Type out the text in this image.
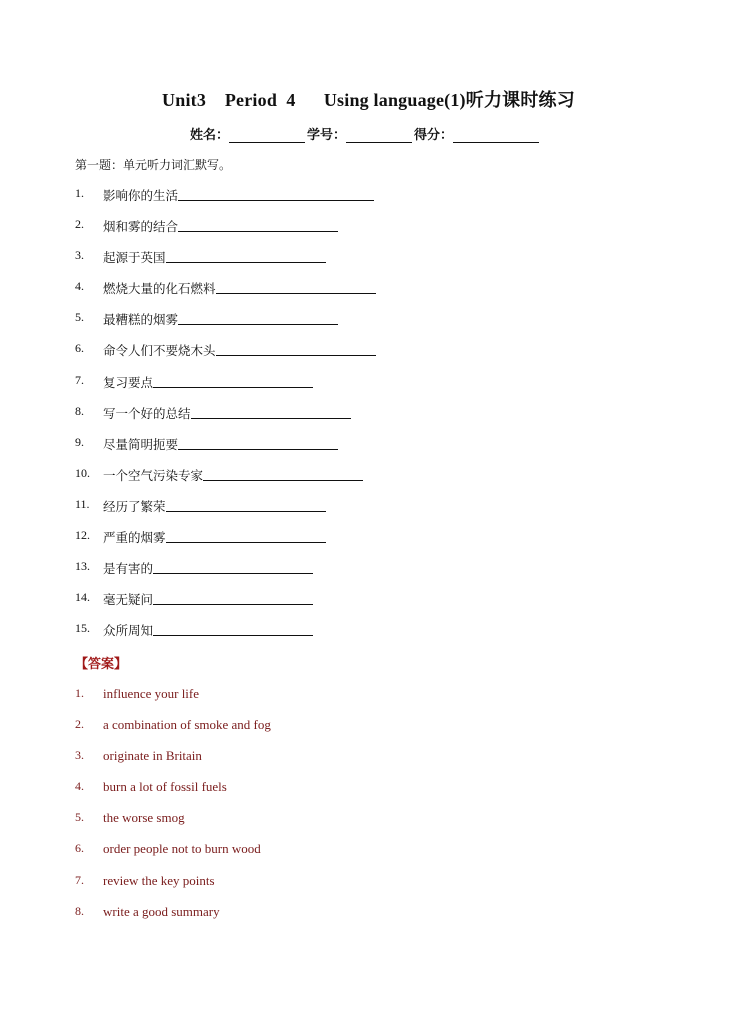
Unit3    Period  4      Using language(1)听力课时练习
姓名：	学号：	得分：
第一题：单元听力词汇默写。
1.	影响你的生活
2.	烟和雾的结合
3.	起源于英国
4.	燃烧大量的化石燃料
5.	最糟糕的烟雾
6.	命令人们不要烧木头
7.	复习要点
8.	写一个好的总结
9.	尽量简明扼要
10.	一个空气污染专家
11.	经历了繁荣
12.	严重的烟雾
13.	是有害的
14.	毫无疑问
15.	众所周知
【答案】
1.	influence your life
2.	a combination of smoke and fog
3.	originate in Britain
4.	burn a lot of fossil fuels
5.	the worse smog
6.	order people not to burn wood
7.	review the key points
8.	write a good summary
